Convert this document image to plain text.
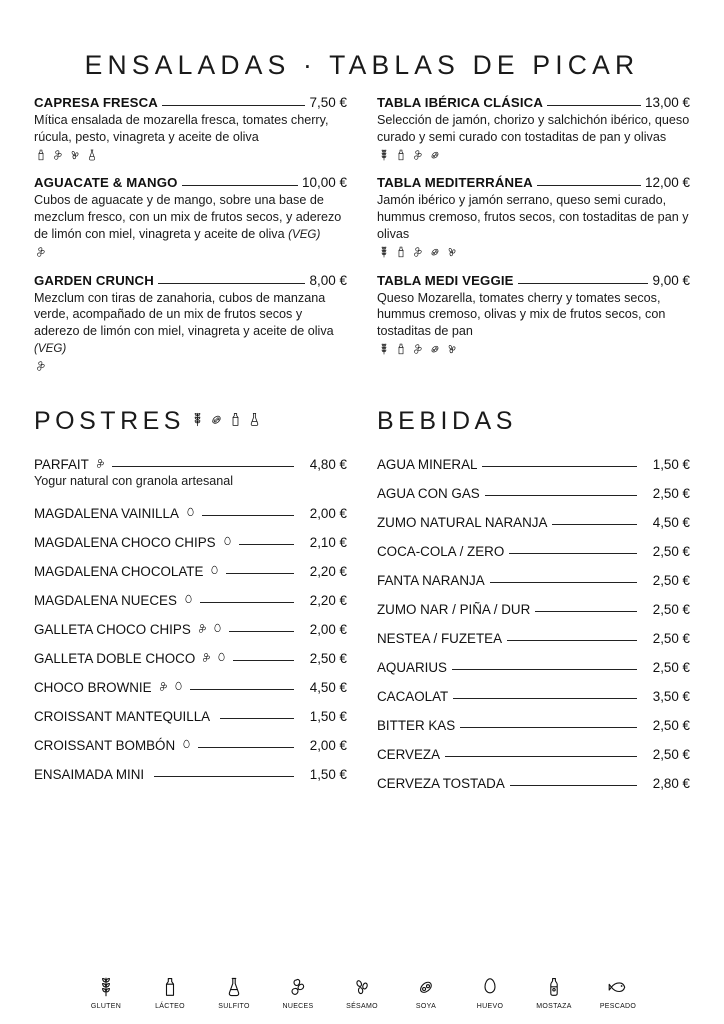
ENSALADAS · TABLAS DE PICAR
CAPRESA FRESCA	7,50 €
Mítica ensalada de mozarella fresca, tomates cherry, rúcula, pesto, vinagreta y aceite de oliva
AGUACATE & MANGO	10,00 €
Cubos de aguacate y de mango, sobre una base de mezclum fresco, con un mix de frutos secos, y aderezo de limón con miel, vinagreta y aceite de oliva (VEG)
GARDEN CRUNCH	8,00 €
Mezclum con tiras de zanahoria, cubos de manzana verde, acompañado de un mix de frutos secos y aderezo de limón con miel, vinagreta y aceite de oliva (VEG)
TABLA IBÉRICA CLÁSICA	13,00 €
Selección de jamón, chorizo y salchichón ibérico, queso curado y semi curado con tostaditas de pan y olivas
TABLA MEDITERRÁNEA	12,00 €
Jamón ibérico y jamón serrano, queso semi curado, hummus cremoso, frutos secos, con tostaditas de pan y olivas
TABLA MEDI VEGGIE	9,00 €
Queso Mozarella, tomates cherry y tomates secos, hummus cremoso, olivas y mix de frutos secos, con tostaditas de pan
POSTRES
PARFAIT	4,80 €
Yogur natural con granola artesanal
MAGDALENA VAINILLA	2,00 €
MAGDALENA CHOCO CHIPS	2,10 €
MAGDALENA CHOCOLATE	2,20 €
MAGDALENA NUECES	2,20 €
GALLETA CHOCO CHIPS	2,00 €
GALLETA DOBLE CHOCO	2,50 €
CHOCO BROWNIE	4,50 €
CROISSANT MANTEQUILLA	1,50 €
CROISSANT BOMBÓN	2,00 €
ENSAIMADA MINI	1,50 €
BEBIDAS
AGUA MINERAL	1,50 €
AGUA CON GAS	2,50 €
ZUMO NATURAL NARANJA	4,50 €
COCA-COLA / ZERO	2,50 €
FANTA NARANJA	2,50 €
ZUMO NAR / PIÑA / DUR	2,50 €
NESTEA / FUZETEA	2,50 €
AQUARIUS	2,50 €
CACAOLAT	3,50 €
BITTER KAS	2,50 €
CERVEZA	2,50 €
CERVEZA TOSTADA	2,80 €
GLUTEN	LÁCTEO	SULFITO	NUECES	SÉSAMO	SOYA	HUEVO	MOSTAZA	PESCADO
